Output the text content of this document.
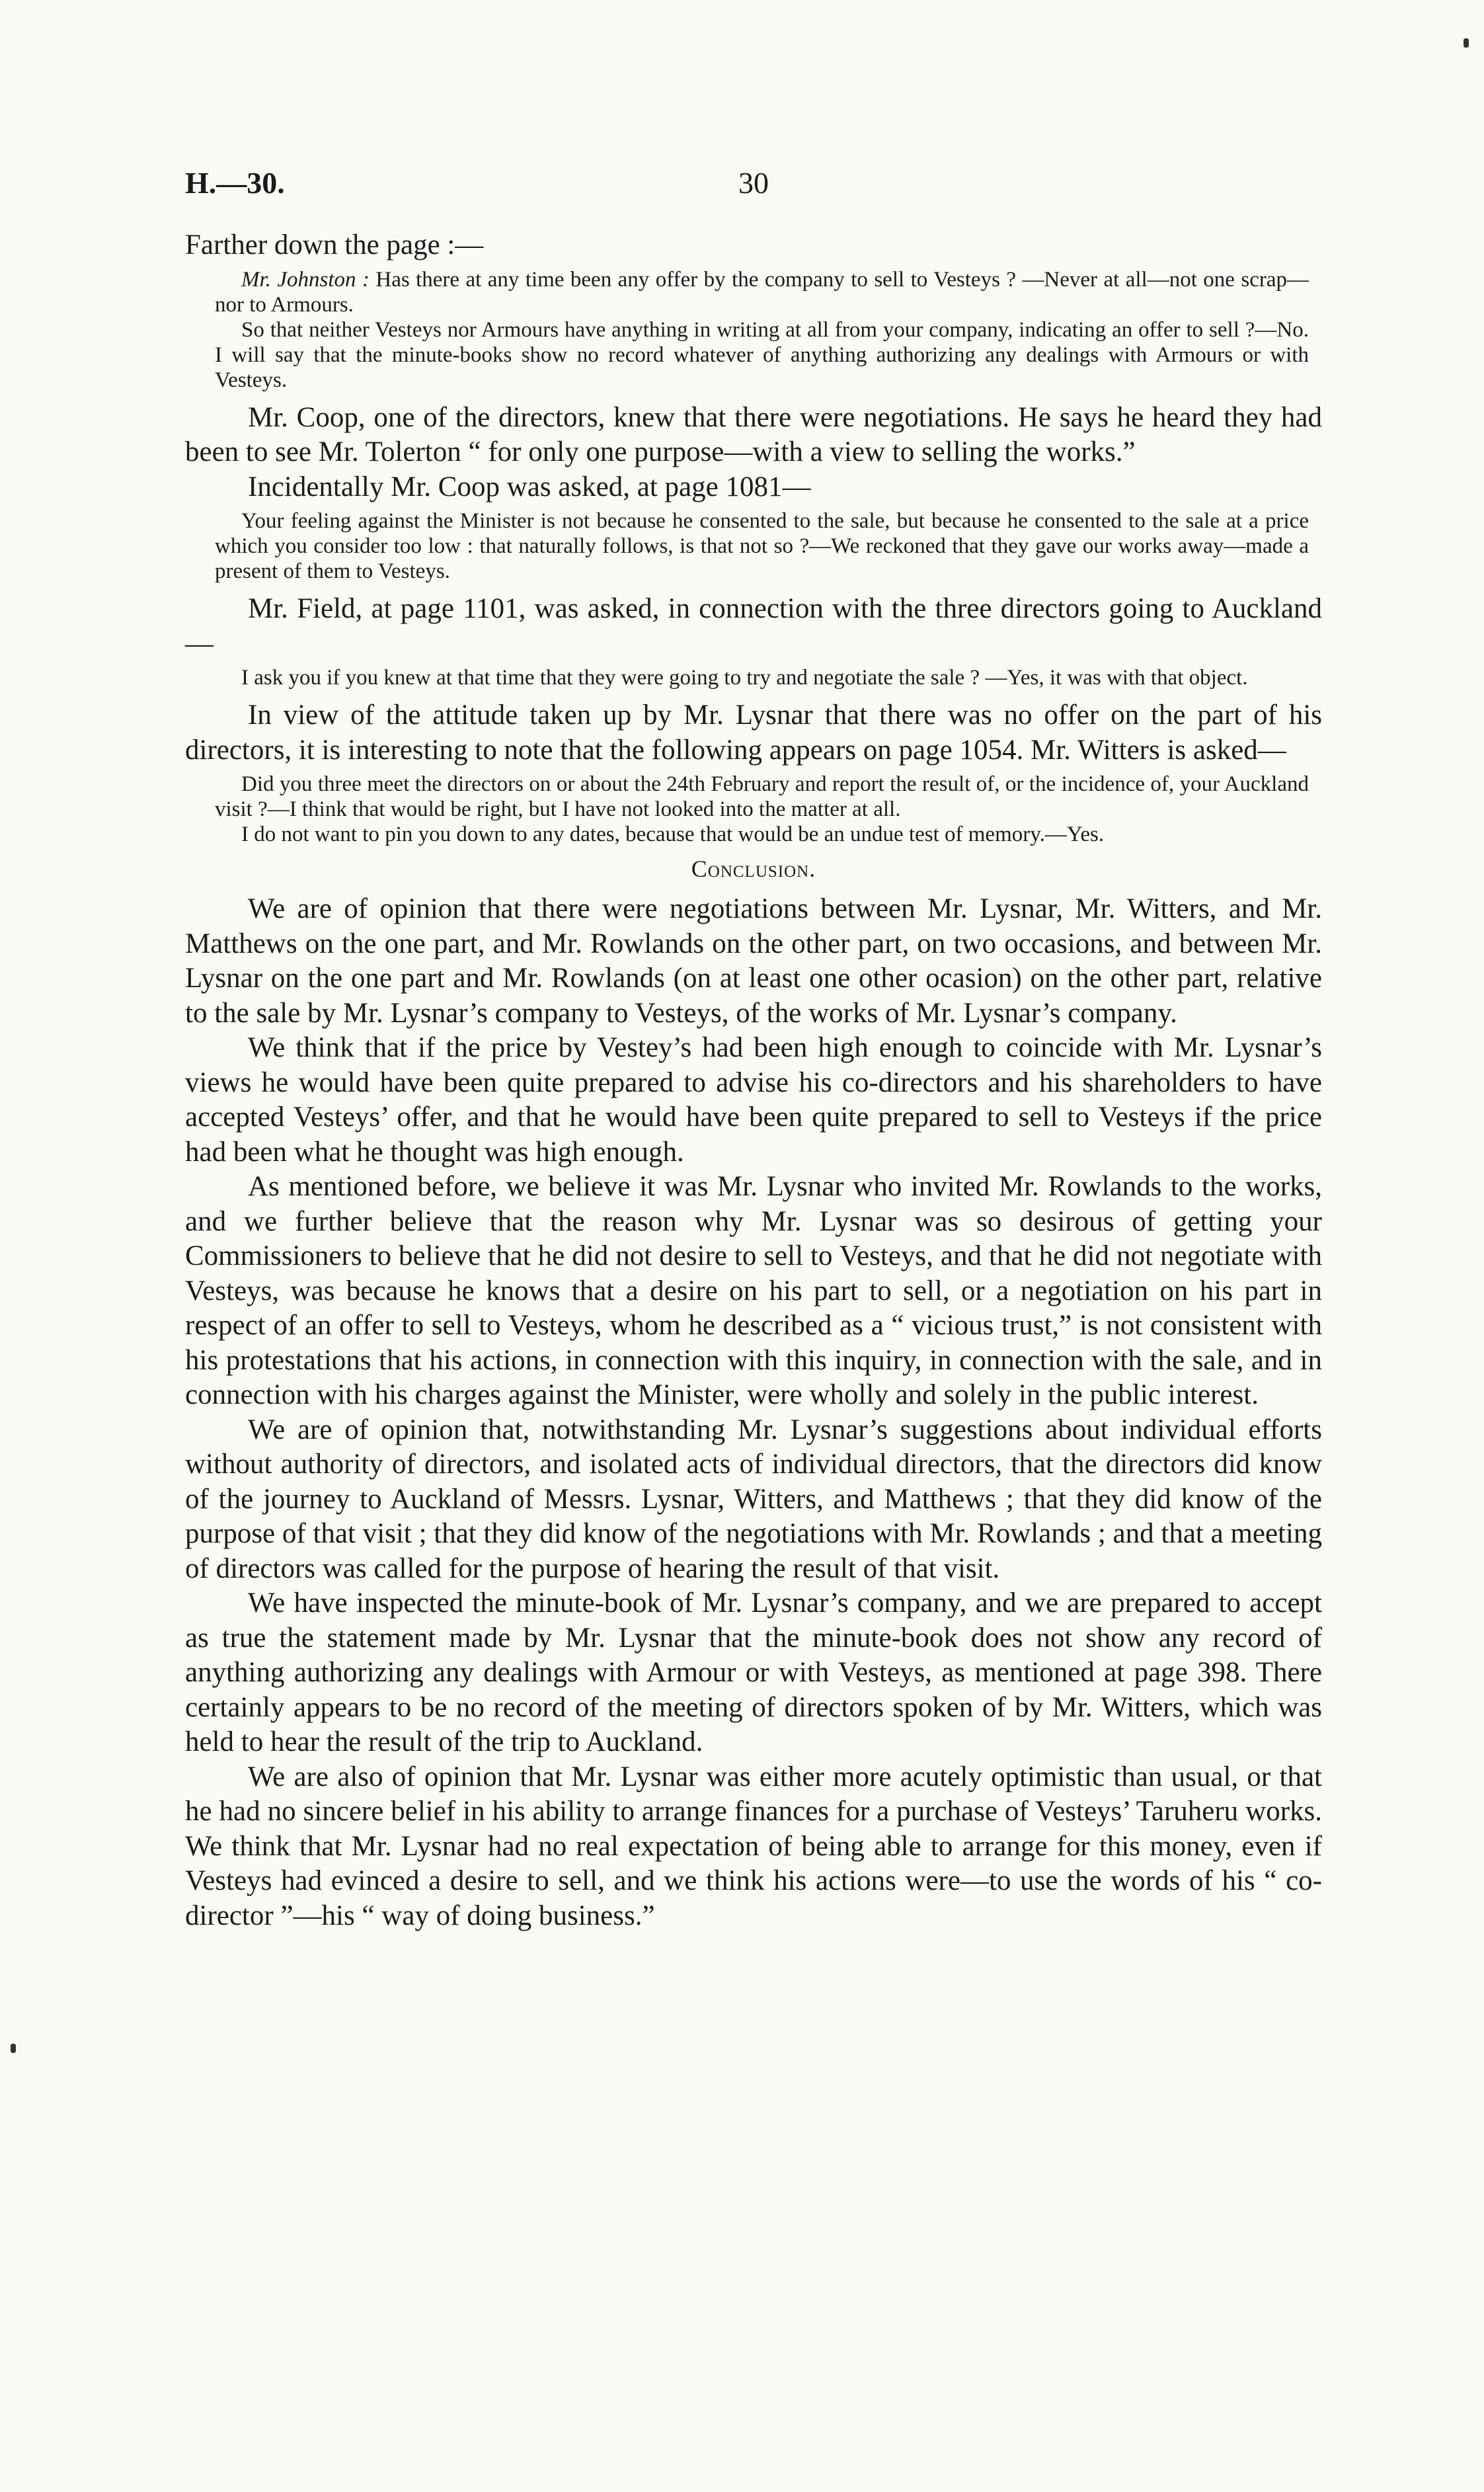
H.—30.	30

Farther down the page :—

Mr. Johnston : Has there at any time been any offer by the company to sell to Vesteys ? —Never at all—not one scrap—nor to Armours.

So that neither Vesteys nor Armours have anything in writing at all from your company, indicating an offer to sell ?—No. I will say that the minute-books show no record whatever of anything authorizing any dealings with Armours or with Vesteys.

Mr. Coop, one of the directors, knew that there were negotiations. He says he heard they had been to see Mr. Tolerton “ for only one purpose—with a view to selling the works.”

Incidentally Mr. Coop was asked, at page 1081—

Your feeling against the Minister is not because he consented to the sale, but because he consented to the sale at a price which you consider too low : that naturally follows, is that not so ?—We reckoned that they gave our works away—made a present of them to Vesteys.

Mr. Field, at page 1101, was asked, in connection with the three directors going to Auckland—

I ask you if you knew at that time that they were going to try and negotiate the sale ? —Yes, it was with that object.

In view of the attitude taken up by Mr. Lysnar that there was no offer on the part of his directors, it is interesting to note that the following appears on page 1054. Mr. Witters is asked—

Did you three meet the directors on or about the 24th February and report the result of, or the incidence of, your Auckland visit ?—I think that would be right, but I have not looked into the matter at all.

I do not want to pin you down to any dates, because that would be an undue test of memory.—Yes.

Conclusion.

We are of opinion that there were negotiations between Mr. Lysnar, Mr. Witters, and Mr. Matthews on the one part, and Mr. Rowlands on the other part, on two occasions, and between Mr. Lysnar on the one part and Mr. Rowlands (on at least one other ocasion) on the other part, relative to the sale by Mr. Lysnar’s company to Vesteys, of the works of Mr. Lysnar’s company.

We think that if the price by Vestey’s had been high enough to coincide with Mr. Lysnar’s views he would have been quite prepared to advise his co-directors and his shareholders to have accepted Vesteys’ offer, and that he would have been quite prepared to sell to Vesteys if the price had been what he thought was high enough.

As mentioned before, we believe it was Mr. Lysnar who invited Mr. Rowlands to the works, and we further believe that the reason why Mr. Lysnar was so desirous of getting your Commissioners to believe that he did not desire to sell to Vesteys, and that he did not negotiate with Vesteys, was because he knows that a desire on his part to sell, or a negotiation on his part in respect of an offer to sell to Vesteys, whom he described as a “ vicious trust,” is not consistent with his protestations that his actions, in connection with this inquiry, in connection with the sale, and in connection with his charges against the Minister, were wholly and solely in the public interest.

We are of opinion that, notwithstanding Mr. Lysnar’s suggestions about individual efforts without authority of directors, and isolated acts of individual directors, that the directors did know of the journey to Auckland of Messrs. Lysnar, Witters, and Matthews ; that they did know of the purpose of that visit ; that they did know of the negotiations with Mr. Rowlands ; and that a meeting of directors was called for the purpose of hearing the result of that visit.

We have inspected the minute-book of Mr. Lysnar’s company, and we are prepared to accept as true the statement made by Mr. Lysnar that the minute-book does not show any record of anything authorizing any dealings with Armour or with Vesteys, as mentioned at page 398. There certainly appears to be no record of the meeting of directors spoken of by Mr. Witters, which was held to hear the result of the trip to Auckland.

We are also of opinion that Mr. Lysnar was either more acutely optimistic than usual, or that he had no sincere belief in his ability to arrange finances for a purchase of Vesteys’ Taruheru works. We think that Mr. Lysnar had no real expectation of being able to arrange for this money, even if Vesteys had evinced a desire to sell, and we think his actions were—to use the words of his “ co-director ”—his “ way of doing business.”
